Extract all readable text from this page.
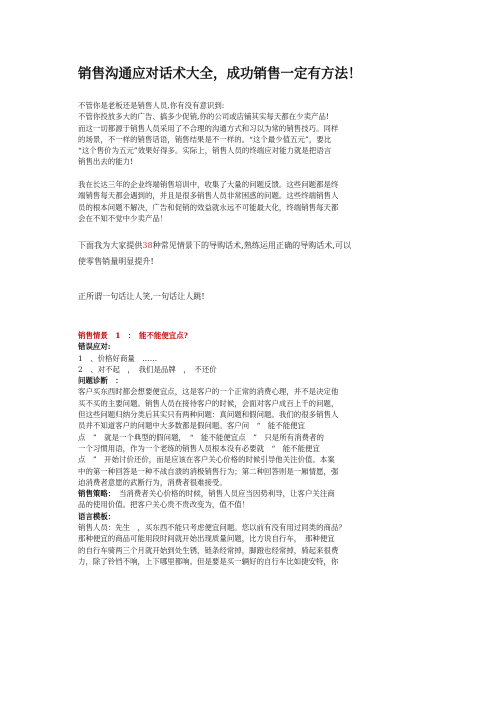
销售沟通应对话术大全，成功销售一定有方法！

不管你是老板还是销售人员,你有没有意识到:

不管你投放多大的广告、搞多少促销,你的公司或店铺其实每天都在少卖产品!

而这一切都源于销售人员采用了不合理的沟通方式和习以为常的销售技巧。同样

的场景，不一样的销售话语，销售结果是不一样的。“这个最少值五元”，要比

“这个售价为五元”效果好得多。实际上，销售人员的终端应对能力就是把语言

销售出去的能力!

我在长达三年的企业终端销售培训中，收集了大量的问题反馈。这些问题都是终

端销售每天都会遇到的，并且是很多销售人员非常困惑的问题。这些终端销售人

员的根本问题不解决，广告和促销的效益就永远不可能最大化，终端销售每天都

会在不知不觉中少卖产品！

下面我为大家提供38种常见情景下的导购话术,熟练运用正确的导购话术,可以

使零售销量明显提升!

正所谓一句话让人笑,一句话让人跳!

销售情景　1　：　能不能便宜点?

错误应对:

1　、价格好商量　……

2　、对不起　，　我们是品牌　，　不还价

问题诊断　：

客户买东西时都会想要便宜点，这是客户的一个正常的消费心理，并不是决定他

买不买的主要问题。销售人员在接待客户的时候，会面对客户成百上千的问题，

但这些问题归纳分类后其实只有两种问题：真问题和假问题。我们的很多销售人

员并不知道客户的问题中大多数都是假问题。客户问　“　能不能便宜

点　”　就是一个典型的假问题，　“　能不能便宜点　”　只是所有消费者的

一个习惯用语，作为一个老练的销售人员根本没有必要就　“　能不能便宜

点　”　开始讨价还价，而是应该在客户关心价格的时候引导他关注价值。本案

中的第一种回答是一种不战自溃的消极销售行为；第二种回答则是一厢情愿，强

迫消费者意愿的武断行为，消费者很难接受。

销售策略：　当消费者关心价格的时候，销售人员应当因势利导，让客户关注商

品的使用价值。把客户关心贵不贵改变为，值不值！

语言模板：

销售人员：先生　，买东西不能只考虑便宜问题。您以前有没有用过同类的商品？

那种便宜的商品可能用段时间就开始出现质量问题，比方说自行车，　那种便宜

的自行车骑两三个月就开始到处生锈，链条经常掉，脚蹬也经常掉，骑起来很费

力，除了铃铛不响，上下哪里都响。但是要是买一辆好的自行车比如捷安特，你
